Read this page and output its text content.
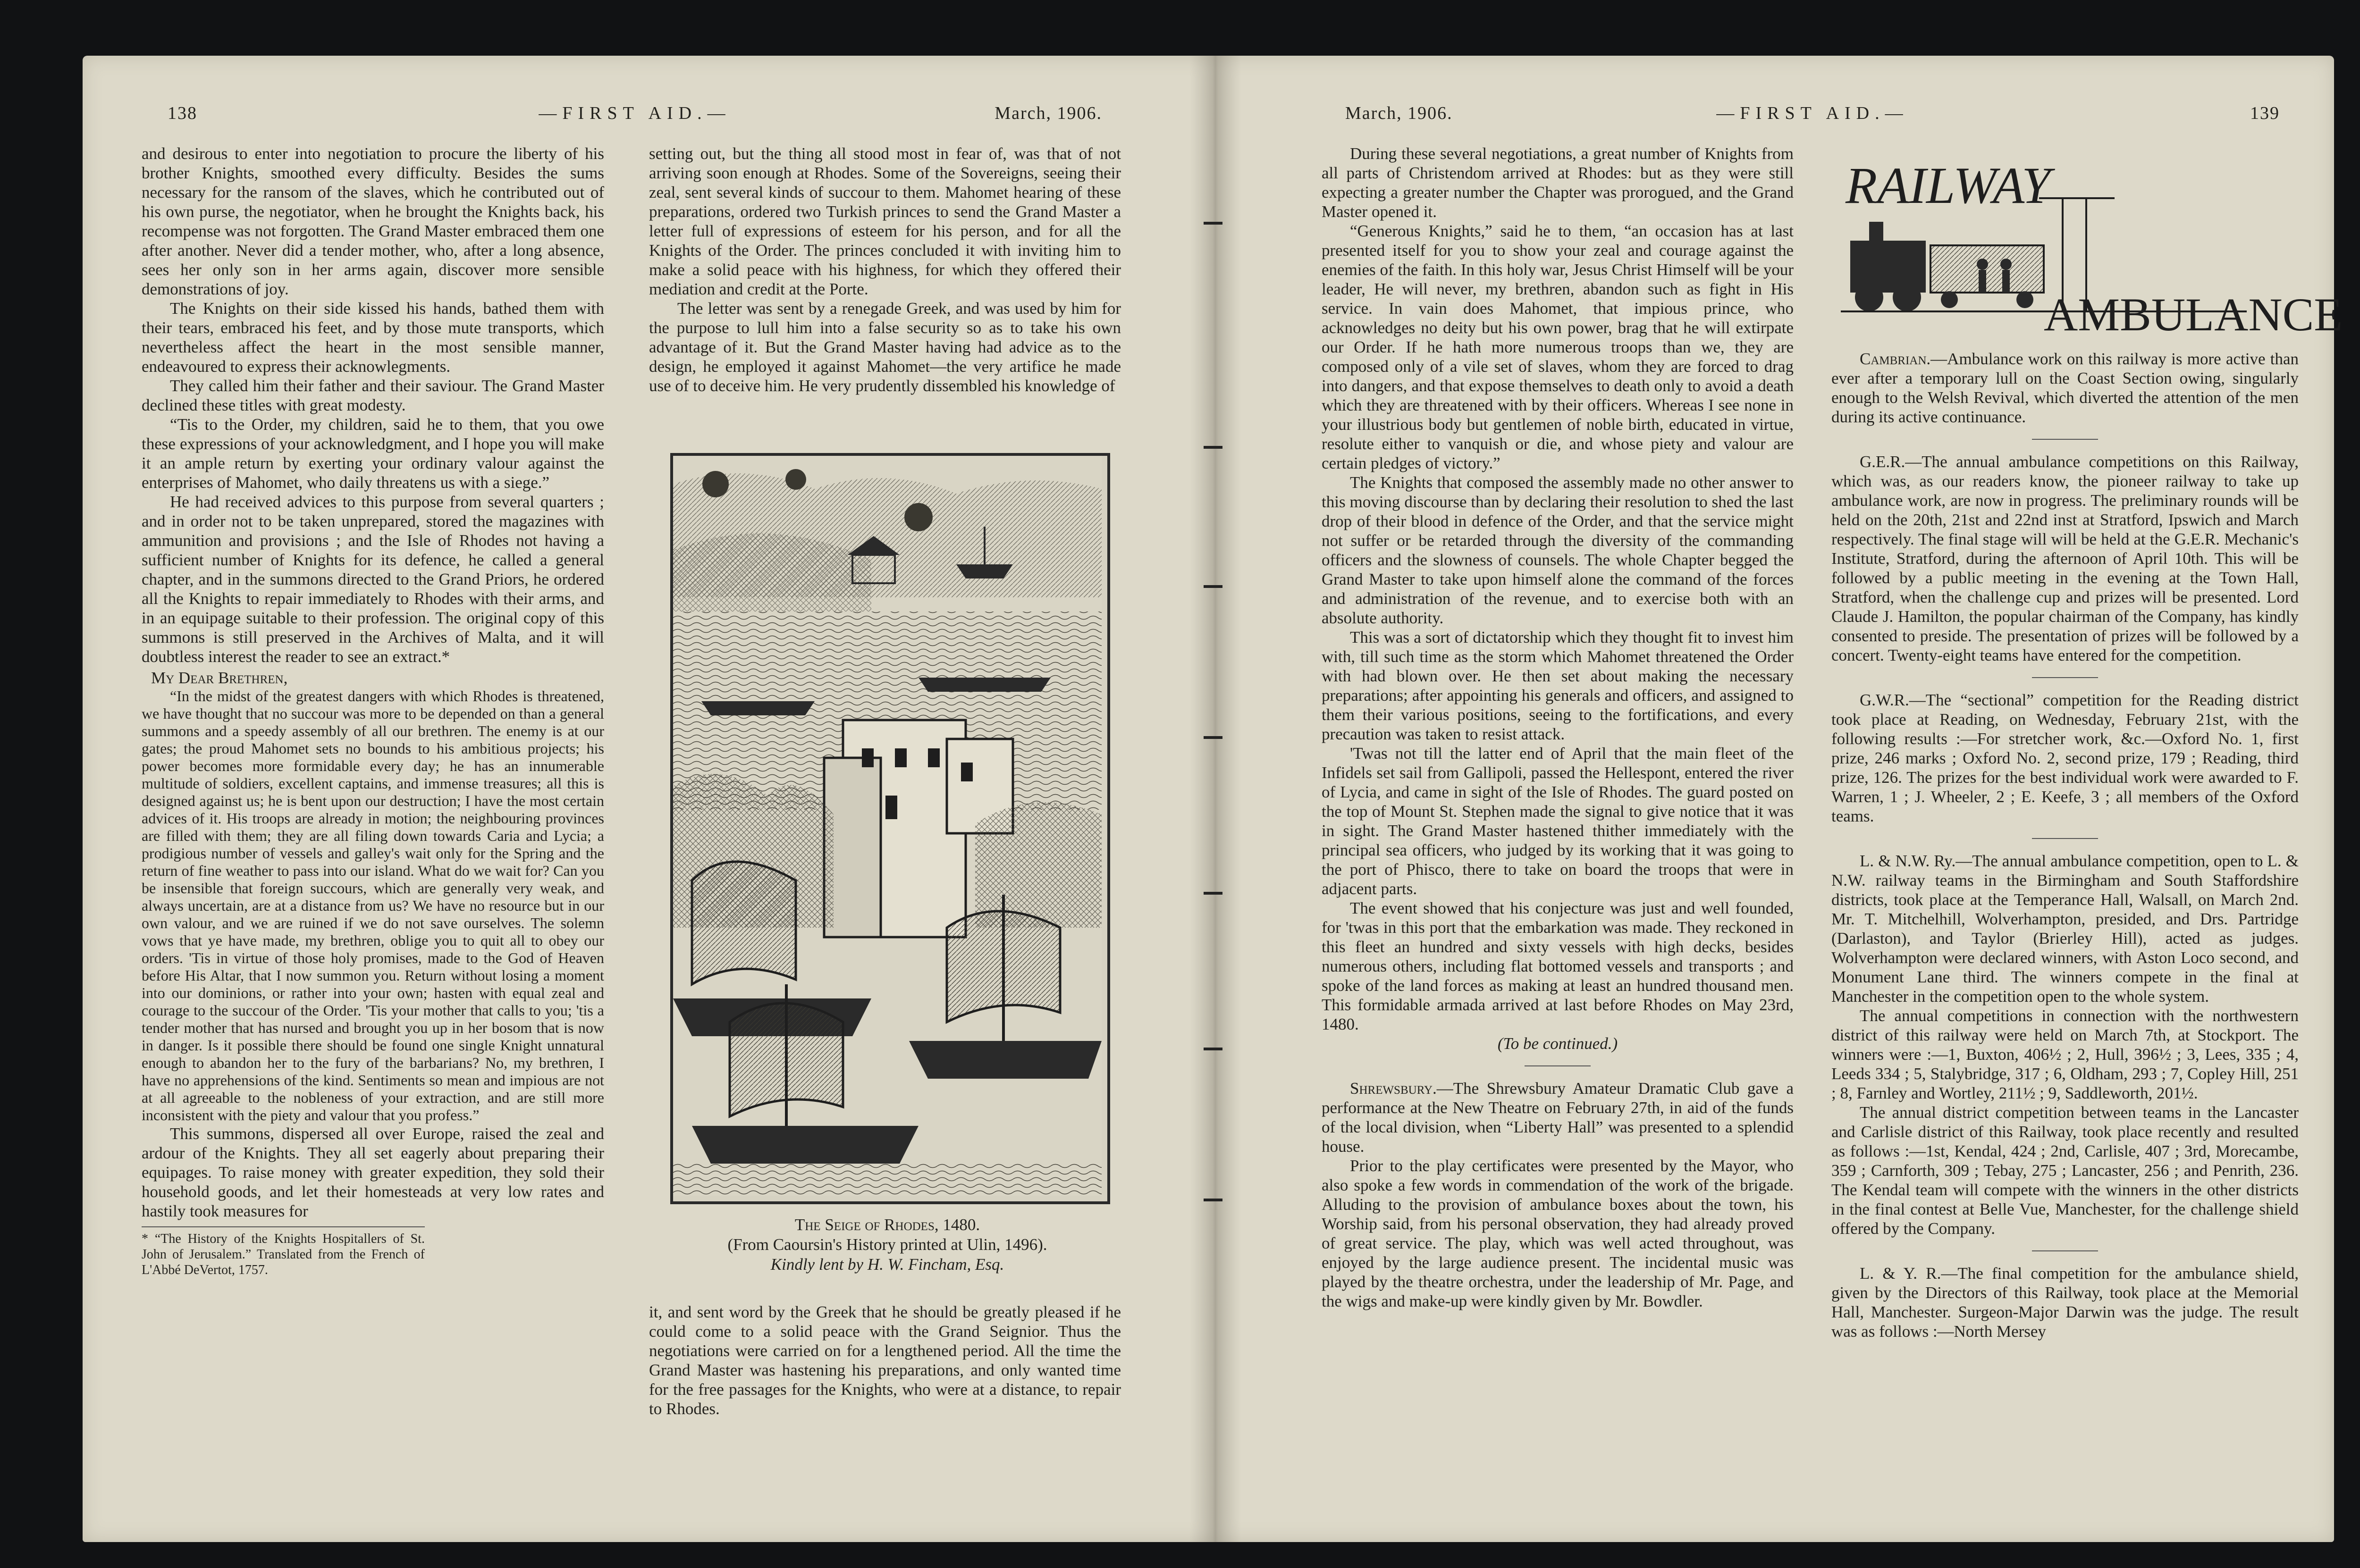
138	—FIRST AID.—	March, 1906.

and desirous to enter into negotiation to procure the liberty of his brother Knights, smoothed every difficulty. Besides the sums necessary for the ransom of the slaves, which he contributed out of his own purse, the negotiator, when he brought the Knights back, his recompense was not forgotten. The Grand Master embraced them one after another. Never did a tender mother, who, after a long absence, sees her only son in her arms again, discover more sensible demonstrations of joy.

The Knights on their side kissed his hands, bathed them with their tears, embraced his feet, and by those mute transports, which nevertheless affect the heart in the most sensible manner, endeavoured to express their acknowlegments.

They called him their father and their saviour. The Grand Master declined these titles with great modesty.

“Tis to the Order, my children, said he to them, that you owe these expressions of your acknowledgment, and I hope you will make it an ample return by exerting your ordinary valour against the enterprises of Mahomet, who daily threatens us with a siege.”

He had received advices to this purpose from several quarters ; and in order not to be taken unprepared, stored the magazines with ammunition and provisions ; and the Isle of Rhodes not having a sufficient number of Knights for its defence, he called a general chapter, and in the summons directed to the Grand Priors, he ordered all the Knights to repair immediately to Rhodes with their arms, and in an equipage suitable to their profession. The original copy of this summons is still preserved in the Archives of Malta, and it will doubtless interest the reader to see an extract.*

My Dear Brethren,

“In the midst of the greatest dangers with which Rhodes is threatened, we have thought that no succour was more to be depended on than a general summons and a speedy assembly of all our brethren. The enemy is at our gates; the proud Mahomet sets no bounds to his ambitious projects; his power becomes more formidable every day; he has an innumerable multitude of soldiers, excellent captains, and immense treasures; all this is designed against us; he is bent upon our destruction; I have the most certain advices of it. His troops are already in motion; the neighbouring provinces are filled with them; they are all filing down towards Caria and Lycia; a prodigious number of vessels and galley's wait only for the Spring and the return of fine weather to pass into our island. What do we wait for? Can you be insensible that foreign succours, which are generally very weak, and always uncertain, are at a distance from us? We have no resource but in our own valour, and we are ruined if we do not save ourselves. The solemn vows that ye have made, my brethren, oblige you to quit all to obey our orders. 'Tis in virtue of those holy promises, made to the God of Heaven before His Altar, that I now summon you. Return without losing a moment into our dominions, or rather into your own; hasten with equal zeal and courage to the succour of the Order. 'Tis your mother that calls to you; 'tis a tender mother that has nursed and brought you up in her bosom that is now in danger. Is it possible there should be found one single Knight unnatural enough to abandon her to the fury of the barbarians? No, my brethren, I have no apprehensions of the kind. Sentiments so mean and impious are not at all agreeable to the nobleness of your extraction, and are still more inconsistent with the piety and valour that you profess.”

This summons, dispersed all over Europe, raised the zeal and ardour of the Knights. They all set eagerly about preparing their equipages. To raise money with greater expedition, they sold their household goods, and let their homesteads at very low rates and hastily took measures for

* “The History of the Knights Hospitallers of St. John of Jerusalem.” Translated from the French of L'Abbé DeVertot, 1757.

setting out, but the thing all stood most in fear of, was that of not arriving soon enough at Rhodes. Some of the Sovereigns, seeing their zeal, sent several kinds of succour to them. Mahomet hearing of these preparations, ordered two Turkish princes to send the Grand Master a letter full of expressions of esteem for his person, and for all the Knights of the Order. The princes concluded it with inviting him to make a solid peace with his highness, for which they offered their mediation and credit at the Porte.

The letter was sent by a renegade Greek, and was used by him for the purpose to lull him into a false security so as to take his own advantage of it. But the Grand Master having had advice as to the design, he employed it against Mahomet—the very artifice he made use of to deceive him. He very prudently dissembled his knowledge of

The Seige of Rhodes, 1480.
(From Caoursin's History printed at Ulin, 1496).
Kindly lent by H. W. Fincham, Esq.

it, and sent word by the Greek that he should be greatly pleased if he could come to a solid peace with the Grand Seignior. Thus the negotiations were carried on for a lengthened period. All the time the Grand Master was hastening his preparations, and only wanted time for the free passages for the Knights, who were at a distance, to repair to Rhodes.

March, 1906.	—FIRST AID.—	139

During these several negotiations, a great number of Knights from all parts of Christendom arrived at Rhodes: but as they were still expecting a greater number the Chapter was prorogued, and the Grand Master opened it.

“Generous Knights,” said he to them, “an occasion has at last presented itself for you to show your zeal and courage against the enemies of the faith. In this holy war, Jesus Christ Himself will be your leader, He will never, my brethren, abandon such as fight in His service. In vain does Mahomet, that impious prince, who acknowledges no deity but his own power, brag that he will extirpate our Order. If he hath more numerous troops than we, they are composed only of a vile set of slaves, whom they are forced to drag into dangers, and that expose themselves to death only to avoid a death which they are threatened with by their officers. Whereas I see none in your illustrious body but gentlemen of noble birth, educated in virtue, resolute either to vanquish or die, and whose piety and valour are certain pledges of victory.”

The Knights that composed the assembly made no other answer to this moving discourse than by declaring their resolution to shed the last drop of their blood in defence of the Order, and that the service might not suffer or be retarded through the diversity of the commanding officers and the slowness of counsels. The whole Chapter begged the Grand Master to take upon himself alone the command of the forces and administration of the revenue, and to exercise both with an absolute authority.

This was a sort of dictatorship which they thought fit to invest him with, till such time as the storm which Mahomet threatened the Order with had blown over. He then set about making the necessary preparations; after appointing his generals and officers, and assigned to them their various positions, seeing to the fortifications, and every precaution was taken to resist attack.

'Twas not till the latter end of April that the main fleet of the Infidels set sail from Gallipoli, passed the Hellespont, entered the river of Lycia, and came in sight of the Isle of Rhodes. The guard posted on the top of Mount St. Stephen made the signal to give notice that it was in sight. The Grand Master hastened thither immediately with the principal sea officers, who judged by its working that it was going to the port of Phisco, there to take on board the troops that were in adjacent parts.

The event showed that his conjecture was just and well founded, for 'twas in this port that the embarkation was made. They reckoned in this fleet an hundred and sixty vessels with high decks, besides numerous others, including flat bottomed vessels and transports ; and spoke of the land forces as making at least an hundred thousand men. This formidable armada arrived at last before Rhodes on May 23rd, 1480.

(To be continued.)

Shrewsbury.—The Shrewsbury Amateur Dramatic Club gave a performance at the New Theatre on February 27th, in aid of the funds of the local division, when “Liberty Hall” was presented to a splendid house.

Prior to the play certificates were presented by the Mayor, who also spoke a few words in commendation of the work of the brigade. Alluding to the provision of ambulance boxes about the town, his Worship said, from his personal observation, they had already proved of great service. The play, which was well acted throughout, was enjoyed by the large audience present. The incidental music was played by the theatre orchestra, under the leadership of Mr. Page, and the wigs and make-up were kindly given by Mr. Bowdler.

RAILWAY
AMBULANCE

Cambrian.—Ambulance work on this railway is more active than ever after a temporary lull on the Coast Section owing, singularly enough to the Welsh Revival, which diverted the attention of the men during its active continuance.

G.E.R.—The annual ambulance competitions on this Railway, which was, as our readers know, the pioneer railway to take up ambulance work, are now in progress. The preliminary rounds will be held on the 20th, 21st and 22nd inst at Stratford, Ipswich and March respectively. The final stage will will be held at the G.E.R. Mechanic's Institute, Stratford, during the afternoon of April 10th. This will be followed by a public meeting in the evening at the Town Hall, Stratford, when the challenge cup and prizes will be presented. Lord Claude J. Hamilton, the popular chairman of the Company, has kindly consented to preside. The presentation of prizes will be followed by a concert. Twenty-eight teams have entered for the competition.

G.W.R.—The “sectional” competition for the Reading district took place at Reading, on Wednesday, February 21st, with the following results :—For stretcher work, &c.—Oxford No. 1, first prize, 246 marks ; Oxford No. 2, second prize, 179 ; Reading, third prize, 126. The prizes for the best individual work were awarded to F. Warren, 1 ; J. Wheeler, 2 ; E. Keefe, 3 ; all members of the Oxford teams.

L. & N.W. Ry.—The annual ambulance competition, open to L. & N.W. railway teams in the Birmingham and South Staffordshire districts, took place at the Temperance Hall, Walsall, on March 2nd. Mr. T. Mitchelhill, Wolverhampton, presided, and Drs. Partridge (Darlaston), and Taylor (Brierley Hill), acted as judges. Wolverhampton were declared winners, with Aston Loco second, and Monument Lane third. The winners compete in the final at Manchester in the competition open to the whole system.

The annual competitions in connection with the northwestern district of this railway were held on March 7th, at Stockport. The winners were :—1, Buxton, 406½ ; 2, Hull, 396½ ; 3, Lees, 335 ; 4, Leeds 334 ; 5, Stalybridge, 317 ; 6, Oldham, 293 ; 7, Copley Hill, 251 ; 8, Farnley and Wortley, 211½ ; 9, Saddleworth, 201½.

The annual district competition between teams in the Lancaster and Carlisle district of this Railway, took place recently and resulted as follows :—1st, Kendal, 424 ; 2nd, Carlisle, 407 ; 3rd, Morecambe, 359 ; Carnforth, 309 ; Tebay, 275 ; Lancaster, 256 ; and Penrith, 236. The Kendal team will compete with the winners in the other districts in the final contest at Belle Vue, Manchester, for the challenge shield offered by the Company.

L. & Y. R.—The final competition for the ambulance shield, given by the Directors of this Railway, took place at the Memorial Hall, Manchester. Surgeon-Major Darwin was the judge. The result was as follows :—North Mersey
